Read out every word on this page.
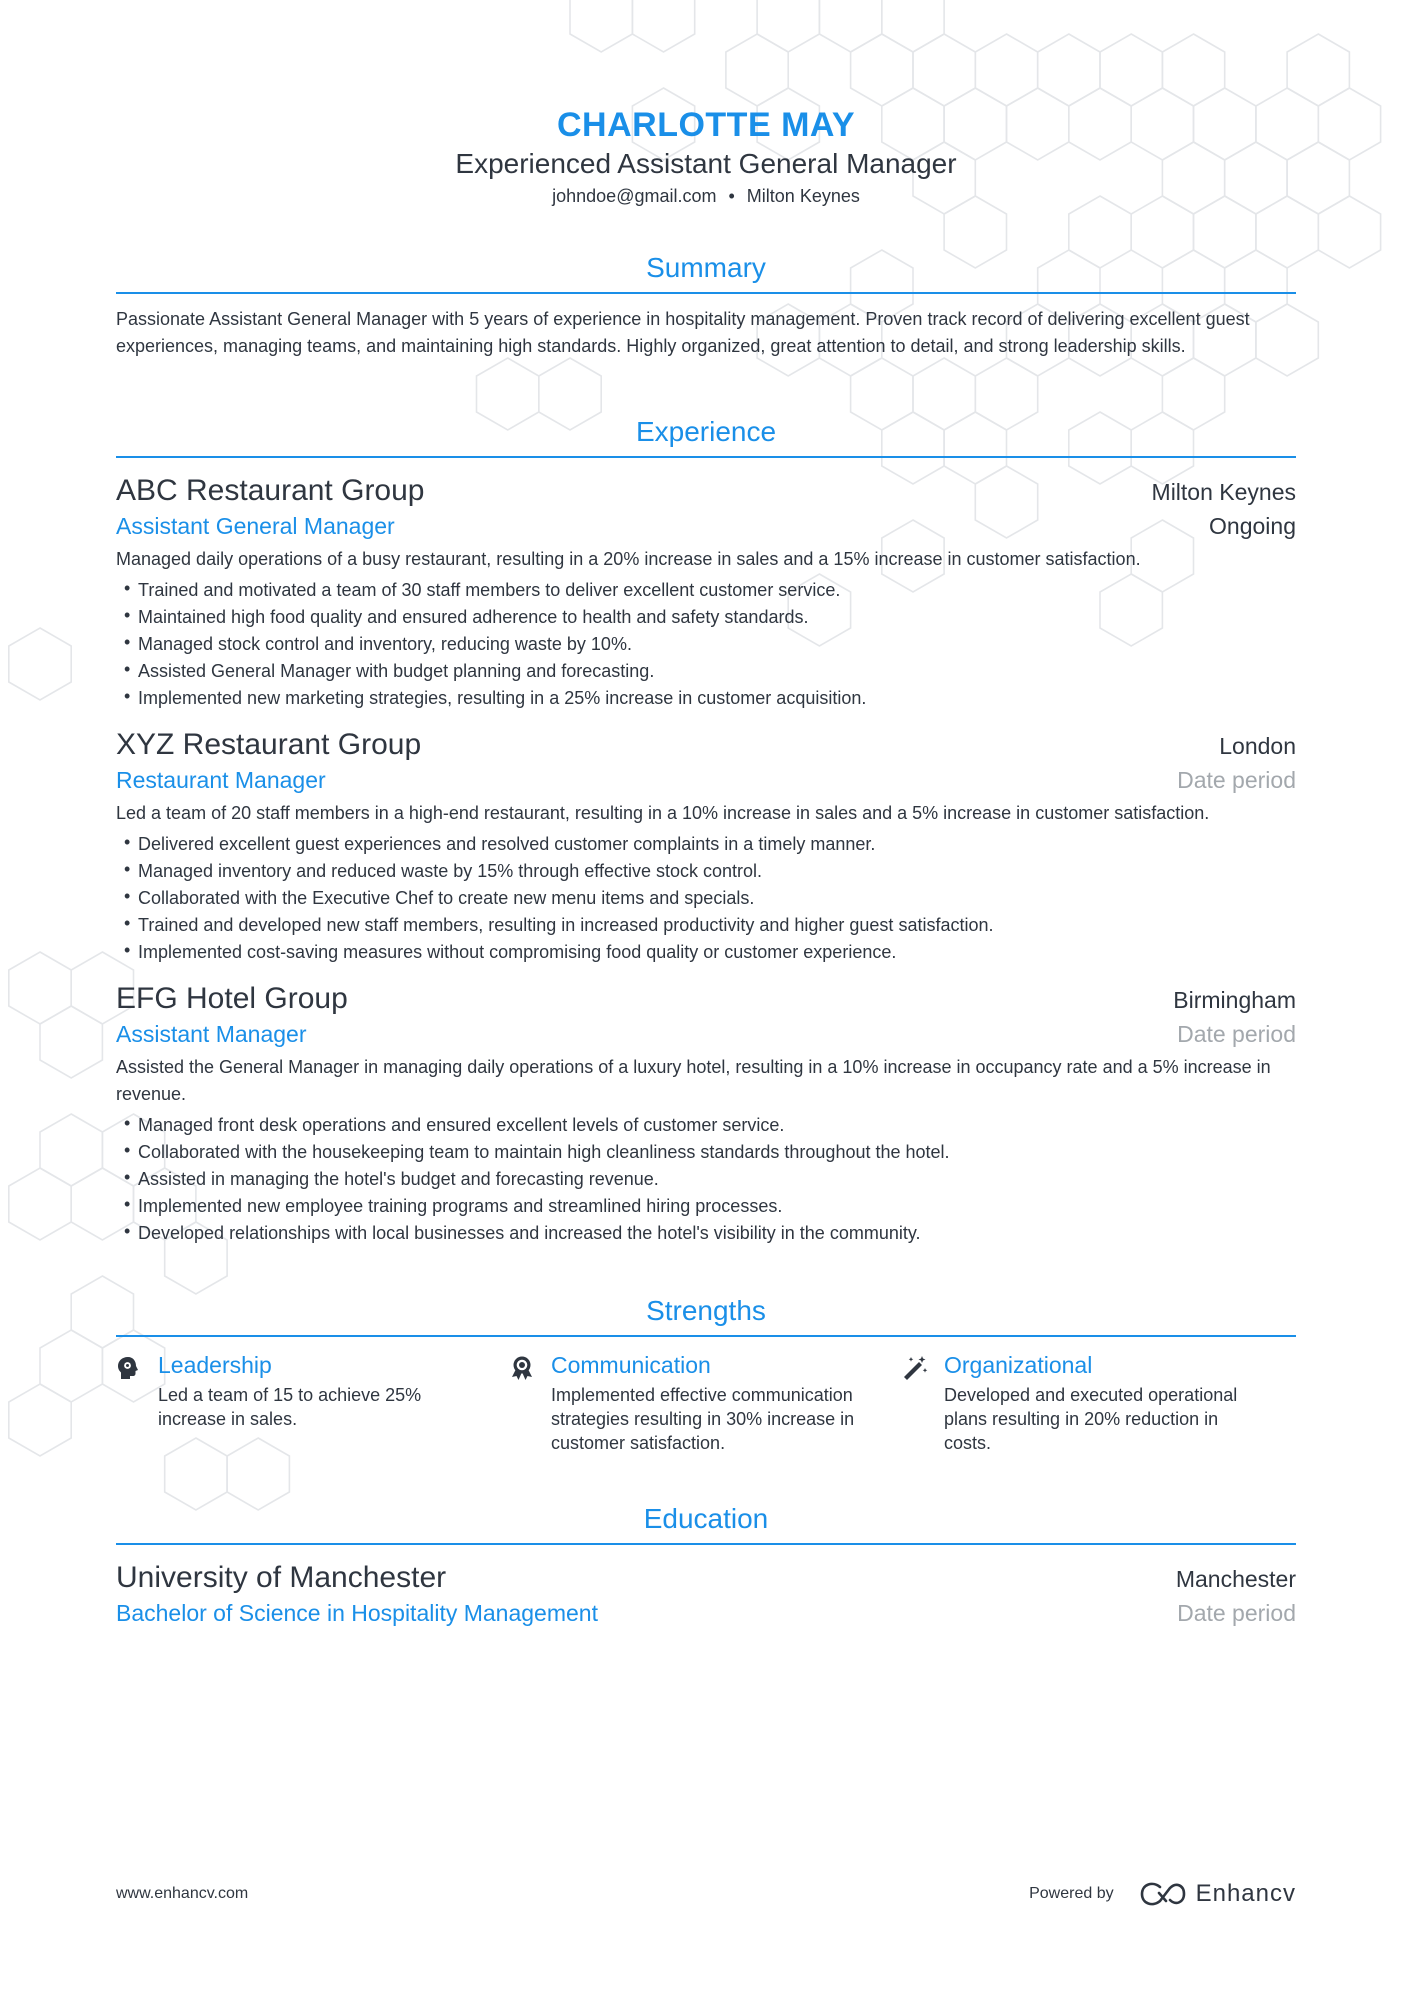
CHARLOTTE MAY
Experienced Assistant General Manager
johndoe@gmail.com • Milton Keynes
Summary
Passionate Assistant General Manager with 5 years of experience in hospitality management. Proven track record of delivering excellent guest experiences, managing teams, and maintaining high standards. Highly organized, great attention to detail, and strong leadership skills.
Experience
ABC Restaurant Group	Milton Keynes
Assistant General Manager	Ongoing
Managed daily operations of a busy restaurant, resulting in a 20% increase in sales and a 15% increase in customer satisfaction.
• Trained and motivated a team of 30 staff members to deliver excellent customer service.
• Maintained high food quality and ensured adherence to health and safety standards.
• Managed stock control and inventory, reducing waste by 10%.
• Assisted General Manager with budget planning and forecasting.
• Implemented new marketing strategies, resulting in a 25% increase in customer acquisition.
XYZ Restaurant Group	London
Restaurant Manager	Date period
Led a team of 20 staff members in a high-end restaurant, resulting in a 10% increase in sales and a 5% increase in customer satisfaction.
• Delivered excellent guest experiences and resolved customer complaints in a timely manner.
• Managed inventory and reduced waste by 15% through effective stock control.
• Collaborated with the Executive Chef to create new menu items and specials.
• Trained and developed new staff members, resulting in increased productivity and higher guest satisfaction.
• Implemented cost-saving measures without compromising food quality or customer experience.
EFG Hotel Group	Birmingham
Assistant Manager	Date period
Assisted the General Manager in managing daily operations of a luxury hotel, resulting in a 10% increase in occupancy rate and a 5% increase in revenue.
• Managed front desk operations and ensured excellent levels of customer service.
• Collaborated with the housekeeping team to maintain high cleanliness standards throughout the hotel.
• Assisted in managing the hotel's budget and forecasting revenue.
• Implemented new employee training programs and streamlined hiring processes.
• Developed relationships with local businesses and increased the hotel's visibility in the community.
Strengths
Leadership
Led a team of 15 to achieve 25% increase in sales.
Communication
Implemented effective communication strategies resulting in 30% increase in customer satisfaction.
Organizational
Developed and executed operational plans resulting in 20% reduction in costs.
Education
University of Manchester	Manchester
Bachelor of Science in Hospitality Management	Date period
www.enhancv.com	Powered by	Enhancv
